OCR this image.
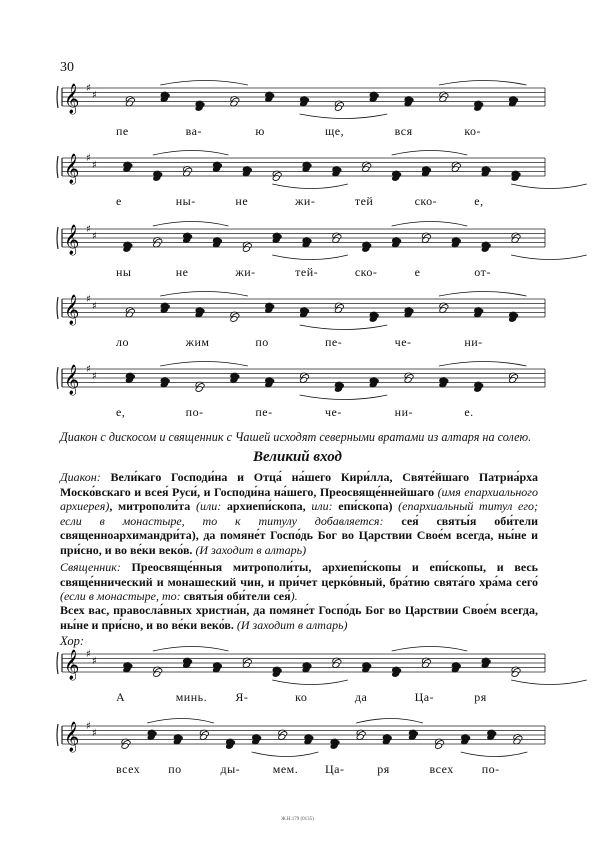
30
𝄞 ♯
♯
пе	ва-	ю	ще,	вся	ко-
𝄞 ♯
♯
е	ны-	не	жи-	тей	ско-	е,
𝄞 ♯
♯
ны	не	жи-	тей-	ско-	е	от-
𝄞 ♯
♯
ло	жим	по	пе-	че-	ни-
𝄞 ♯
♯
е,	по-	пе-	че-	ни-	е.
𝄞 ♯
♯
А	минь. Я-	ко	да	Ца-	ря
𝄞 ♯
♯
всех по	ды-	мем. Ца-	ря	всех по-
Диакон с дискосом и священник с Чашей исходят северными вратами из алтаря на солею.
Великий вход
Диакон: Вели́каго Господи́на и Отца́ на́шего Кири́лла, Святе́йшаго Патриа́рха Моско́вскаго и всея́ Руси́, и Господи́на на́шего, Преосвяще́ннейшаго (имя епархиального архиерея), митрополи́та (или: архиепи́скопа, или: епи́скопа) (епархиальный титул его; если в монастыре, то к титулу добавляется: сея́ святы́я оби́тели священноархимандри́та), да помяне́т Госпо́дь Бог во Царствии Свое́м всегда, ны́не и при́сно, и во ве́ки веко́в. (И заходит в алтарь)
Священник: Преосвяще́нныя митрополи́ты, архиепи́скопы и епи́скопы, и весь свяще́ннический и монашеский чин, и при́чет церко́вный, бра́тию свята́го хра́ма сего́ (если в монастыре, то: святы́я оби́тели сея́).
Всех вас, правосла́вных христиа́н, да помяне́т Госпо́дь Бог во Царствии Свое́м всегда, ны́не и при́сно, и во ве́ки веко́в. (И заходит в алтарь)
Хор:
Ж.Н.179 (0135)
